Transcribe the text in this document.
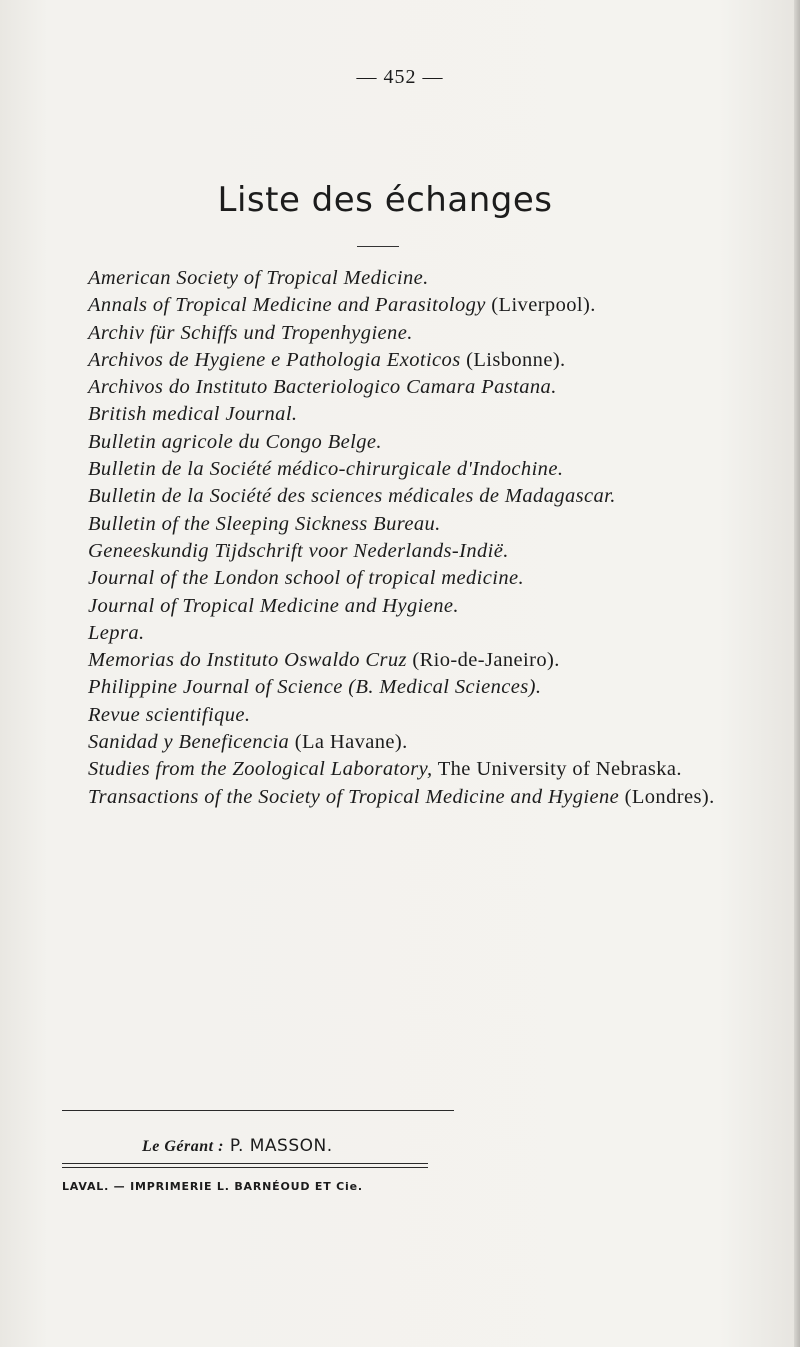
— 452 —
Liste des échanges
American Society of Tropical Medicine.
Annals of Tropical Medicine and Parasitology (Liverpool).
Archiv für Schiffs und Tropenhygiene.
Archivos de Hygiene e Pathologia Exoticos (Lisbonne).
Archivos do Instituto Bacteriologico Camara Pastana.
British medical Journal.
Bulletin agricole du Congo Belge.
Bulletin de la Société médico-chirurgicale d'Indochine.
Bulletin de la Société des sciences médicales de Madagascar.
Bulletin of the Sleeping Sickness Bureau.
Geneeskundig Tijdschrift voor Nederlands-Indië.
Journal of the London school of tropical medicine.
Journal of Tropical Medicine and Hygiene.
Lepra.
Memorias do Instituto Oswaldo Cruz (Rio-de-Janeiro).
Philippine Journal of Science (B. Medical Sciences).
Revue scientifique.
Sanidad y Beneficencia (La Havane).
Studies from the Zoological Laboratory, The University of Nebraska.
Transactions of the Society of Tropical Medicine and Hygiene (Londres).
Le Gérant : P. MASSON.
LAVAL. — IMPRIMERIE L. BARNÉOUD ET Cie.
